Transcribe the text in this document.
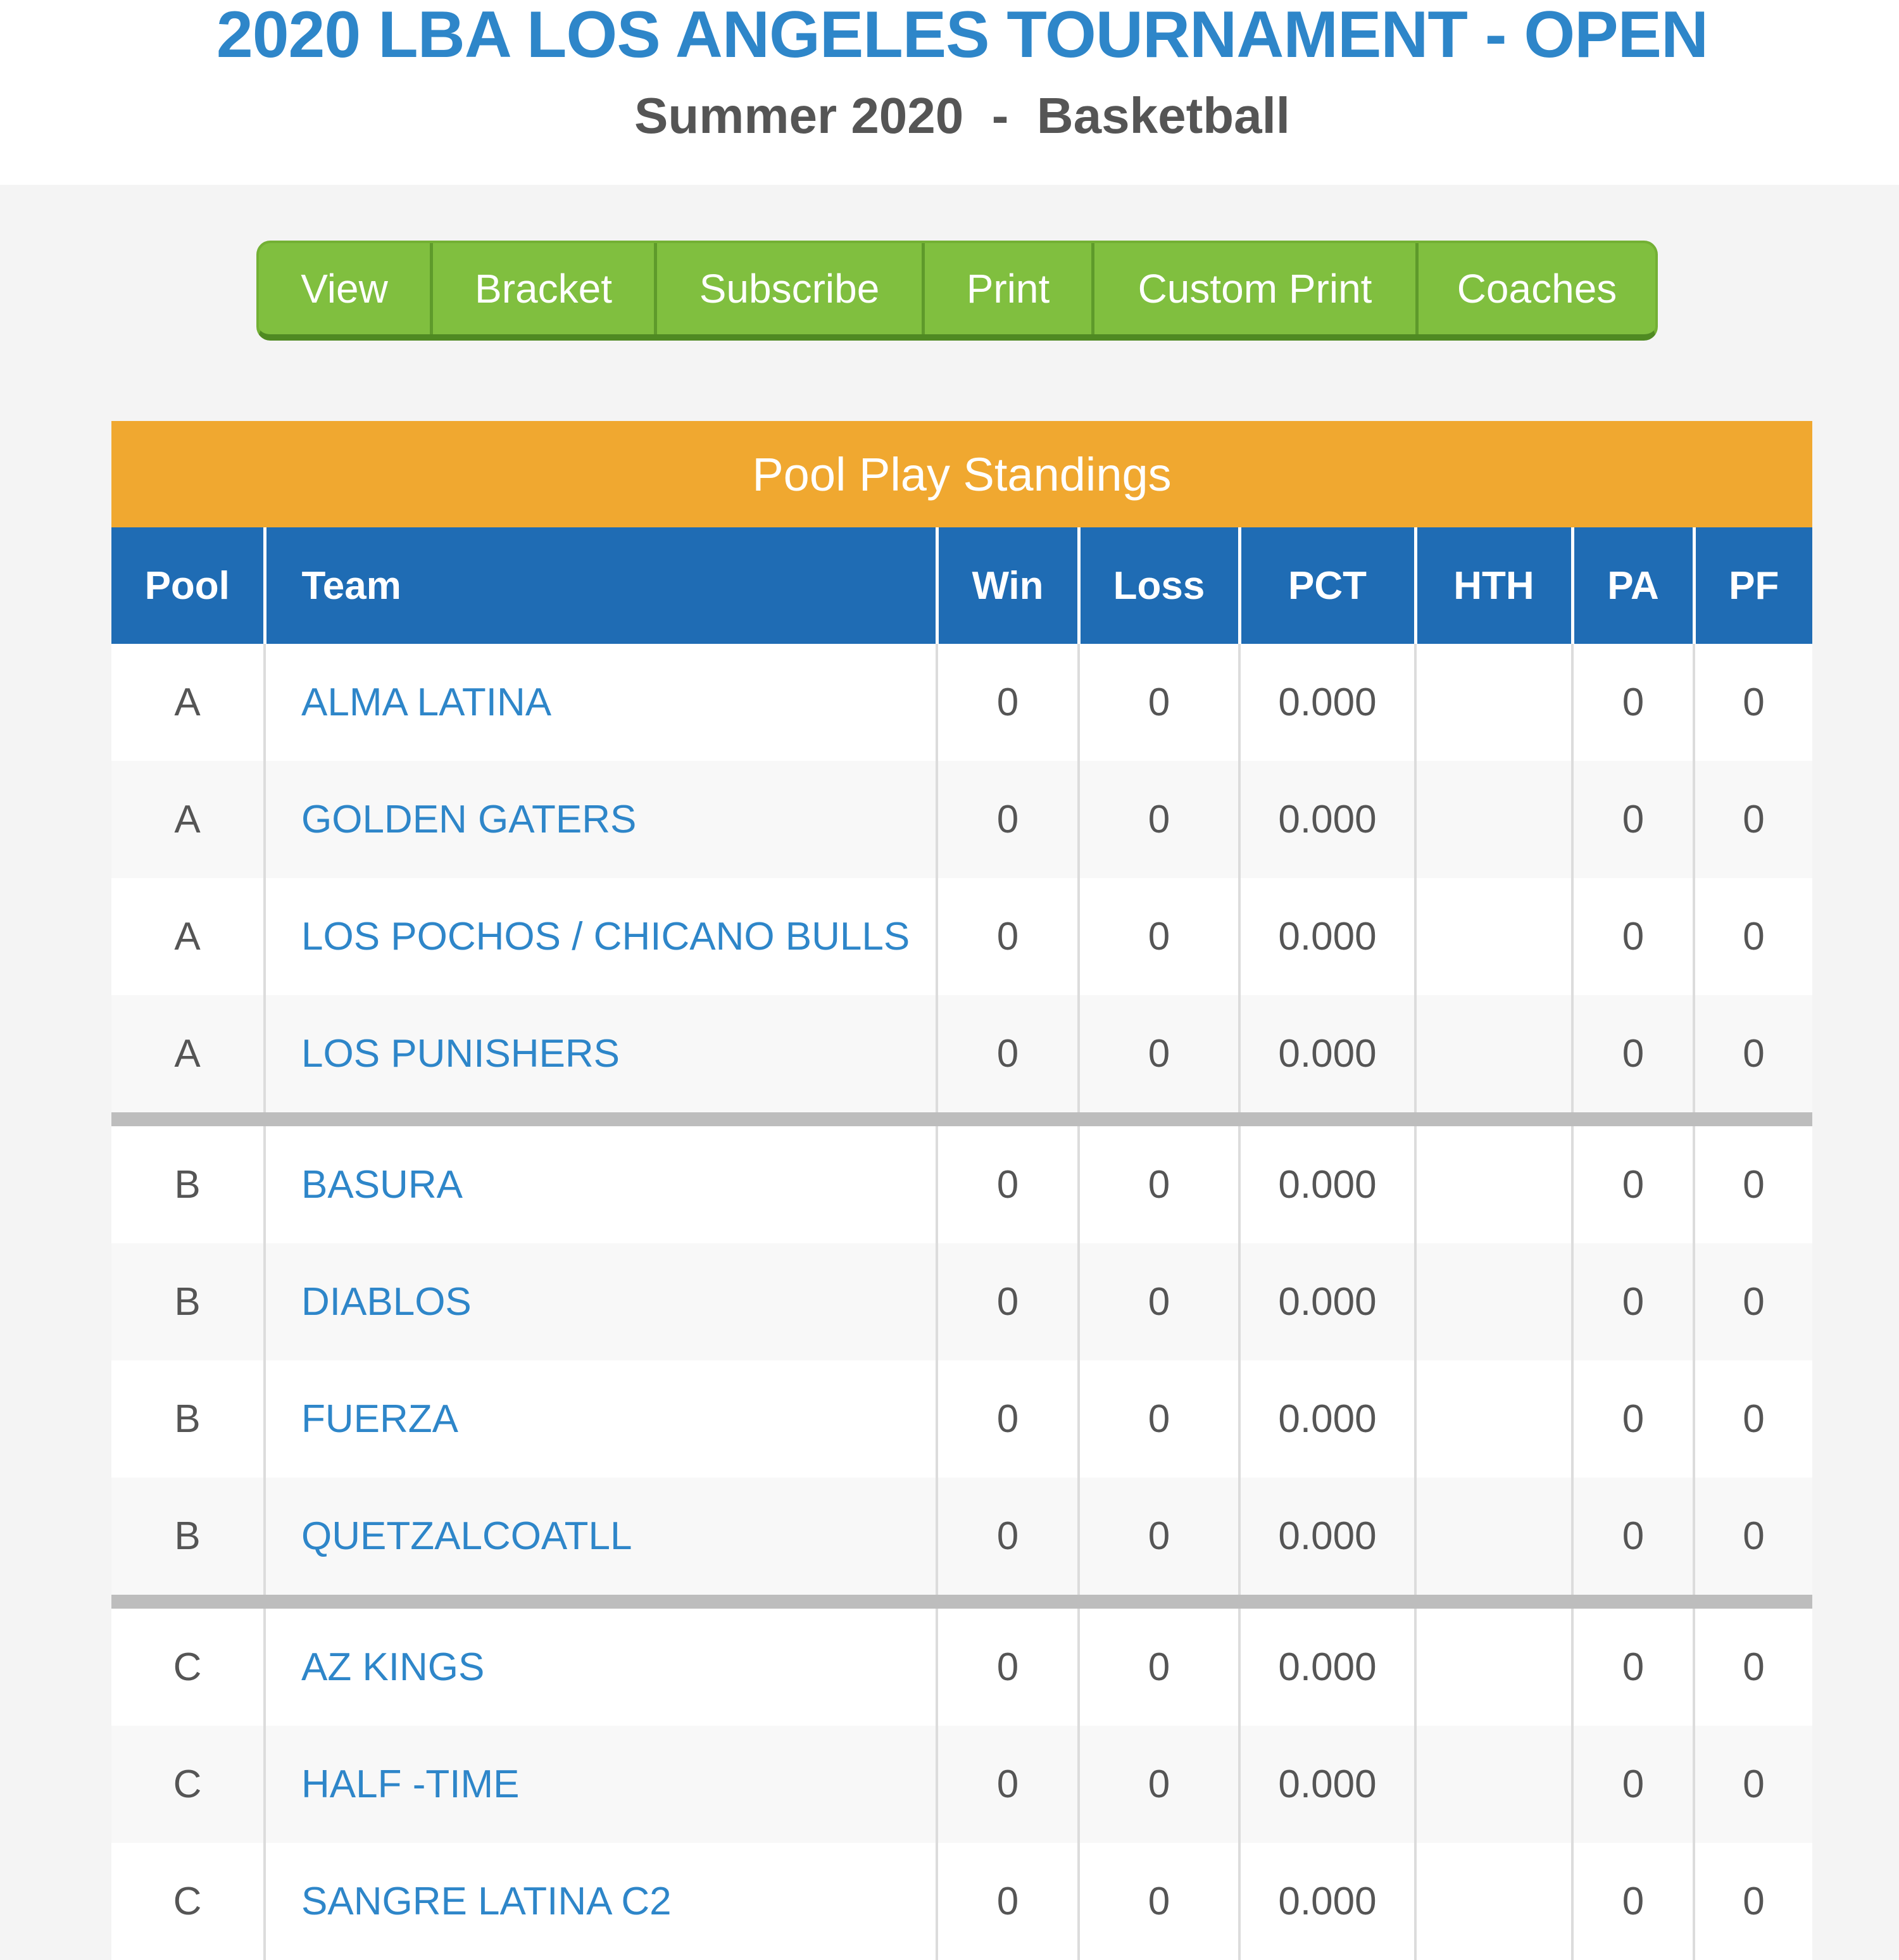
2020 LBA LOS ANGELES TOURNAMENT - OPEN
Summer 2020  -  Basketball
View	Bracket	Subscribe	Print	Custom Print	Coaches
Pool Play Standings
Pool	Team	Win	Loss	PCT	HTH	PA	PF
A	ALMA LATINA	0	0	0.000		0	0
A	GOLDEN GATERS	0	0	0.000		0	0
A	LOS POCHOS / CHICANO BULLS	0	0	0.000		0	0
A	LOS PUNISHERS	0	0	0.000		0	0
B	BASURA	0	0	0.000		0	0
B	DIABLOS	0	0	0.000		0	0
B	FUERZA	0	0	0.000		0	0
B	QUETZALCOATLL	0	0	0.000		0	0
C	AZ KINGS	0	0	0.000		0	0
C	HALF -TIME	0	0	0.000		0	0
C	SANGRE LATINA C2	0	0	0.000		0	0
